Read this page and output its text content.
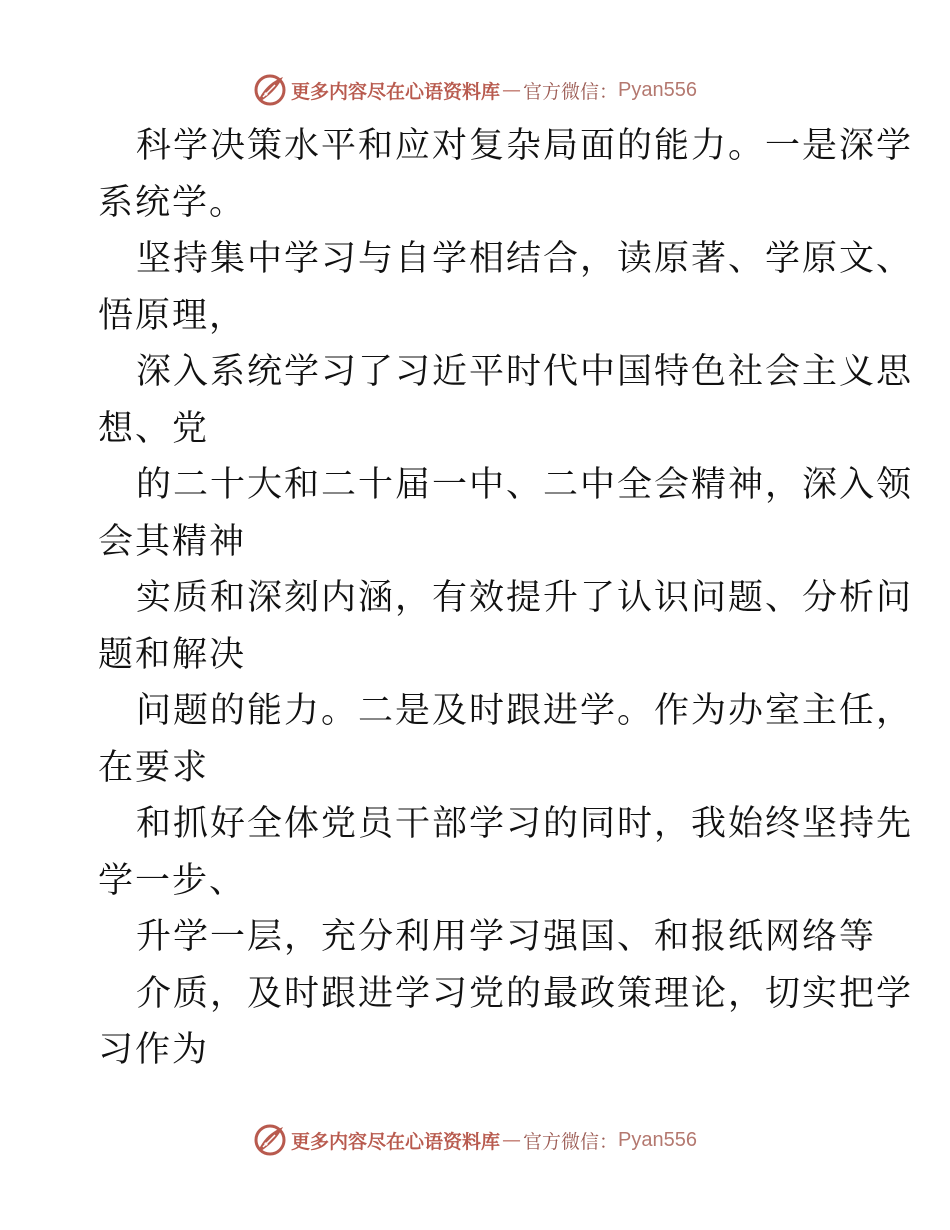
更多内容尽在心语资料库 — 官方微信： Pyan556
科学决策水平和应对复杂局面的能力。一是深学
系统学。
坚持集中学习与自学相结合，读原著、学原文、
悟原理，
深入系统学习了习近平时代中国特色社会主义思
想、党
的二十大和二十届一中、二中全会精神，深入领
会其精神
实质和深刻内涵，有效提升了认识问题、分析问
题和解决
问题的能力。二是及时跟进学。作为办室主任，
在要求
和抓好全体党员干部学习的同时，我始终坚持先
学一步、
升学一层，充分利用学习强国、和报纸网络等
介质，及时跟进学习党的最政策理论，切实把学
习作为
更多内容尽在心语资料库 — 官方微信： Pyan556
